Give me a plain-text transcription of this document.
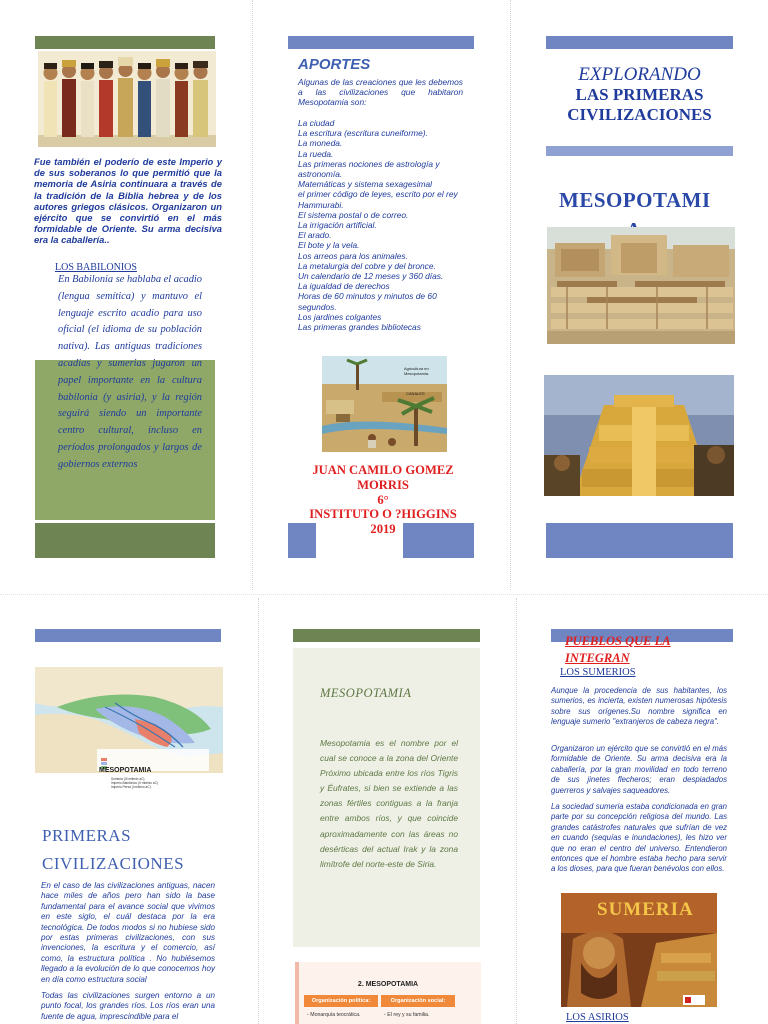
Fue también el poderío de este Imperio y de sus soberanos lo que permitió que la memoria de Asiria continuara a través de la tradición de la Biblia hebrea y de los autores griegos clásicos. Organizaron un ejército que se convirtió en el más formidable de Oriente. Su arma decisiva era la caballería..

LOS BABILONIOS

En Babilonia se hablaba el acadio (lengua semítica) y mantuvo el lenguaje escrito acadio para uso oficial (el idioma de su población nativa). Las antiguas tradiciones acadias y sumerias jugaron un papel importante en la cultura babilonia (y asiria), y la región seguirá siendo un importante centro cultural, incluso en períodos prolongados y largos de gobiernos externos

APORTES

Algunas de las creaciones que les debemos a las civilizaciones que habitaron Mesopotamia son:

La ciudad
La escritura (escritura cuneiforme).
La moneda.
La rueda.
Las primeras nociones de astrología y astronomía.
Matemáticas y sistema sexagesimal
el primer código de leyes, escrito por el rey Hammurabi.
El sistema postal o de correo.
La irrigación artificial.
El arado.
El bote y la vela.
Los arreos para los animales.
La metalurgia del cobre y del bronce.
Un calendario de 12 meses y 360 días.
La igualdad de derechos
Horas de 60 minutos y minutos de 60 segundos.
Los jardines colgantes
Las primeras grandes bibliotecas
Agricultura en Mesopotamia.
CANALES
JUAN CAMILO GOMEZ
MORRIS
6°
INSTITUTO O ?HIGGINS
2019
EXPLORANDO
LAS PRIMERAS
CIVILIZACIONES
MESOPOTAMI
MESOPOTAMIA
Sumeria (III milenio aC)
Imperio Babilónico (II milenio aC)
Imperio Persa (I milenio aC)
PRIMERAS
CIVILIZACIONES

En el caso de las civilizaciones antiguas, nacen hace miles de años pero han sido la base fundamental para el avance social que vivimos en este siglo, el cuál destaca por la era tecnológica. De todos modos si no hubiese sido por estas primeras civilizaciones, con sus invenciones, la escritura y el comercio, así como, la estructura política . No hubiésemos llegado a la evolución de lo que conocemos hoy en día como estructura social

Todas las civilizaciones surgen entorno a un punto focal, los grandes ríos. Los ríos eran una fuente de agua, imprescindible para el

MESOPOTAMIA

Mesopotamia es el nombre por el cual se conoce a la zona del Oriente Próximo ubicada entre los ríos Tigris y Éufrates, si bien se extiende a las zonas fértiles contiguas a la franja entre ambos ríos, y que coincide aproximadamente con las áreas no desérticas del actual Irak y la zona limítrofe del norte-este de Siria.

2. MESOPOTAMIA
Organización política:	Organización social:
◦ Monarquía teocrática.	◦ El rey y su familia.
PUEBLOS QUE LA
INTEGRAN
LOS SUMERIOS

Aunque la procedencia de sus habitantes, los sumerios, es incierta, existen numerosas hipótesis sobre sus orígenes.Su nombre significa en lenguaje sumerio "extranjeros de cabeza negra".

Organizaron un ejército que se convirtió en el más formidable de Oriente. Su arma decisiva era la caballería, por la gran movilidad en todo terreno de sus jinetes flecheros; eran despiadados guerreros y salvajes saqueadores.

La sociedad sumeria estaba condicionada en gran parte por su concepción religiosa del mundo. Las grandes catástrofes naturales que sufrían de vez en cuando (sequías e inundaciones), les hizo ver que no eran el centro del universo. Entendieron entonces que el hombre estaba hecho para servir a los dioses, para que fueran benévolos con ellos.

SUMERIA
LOS ASIRIOS
